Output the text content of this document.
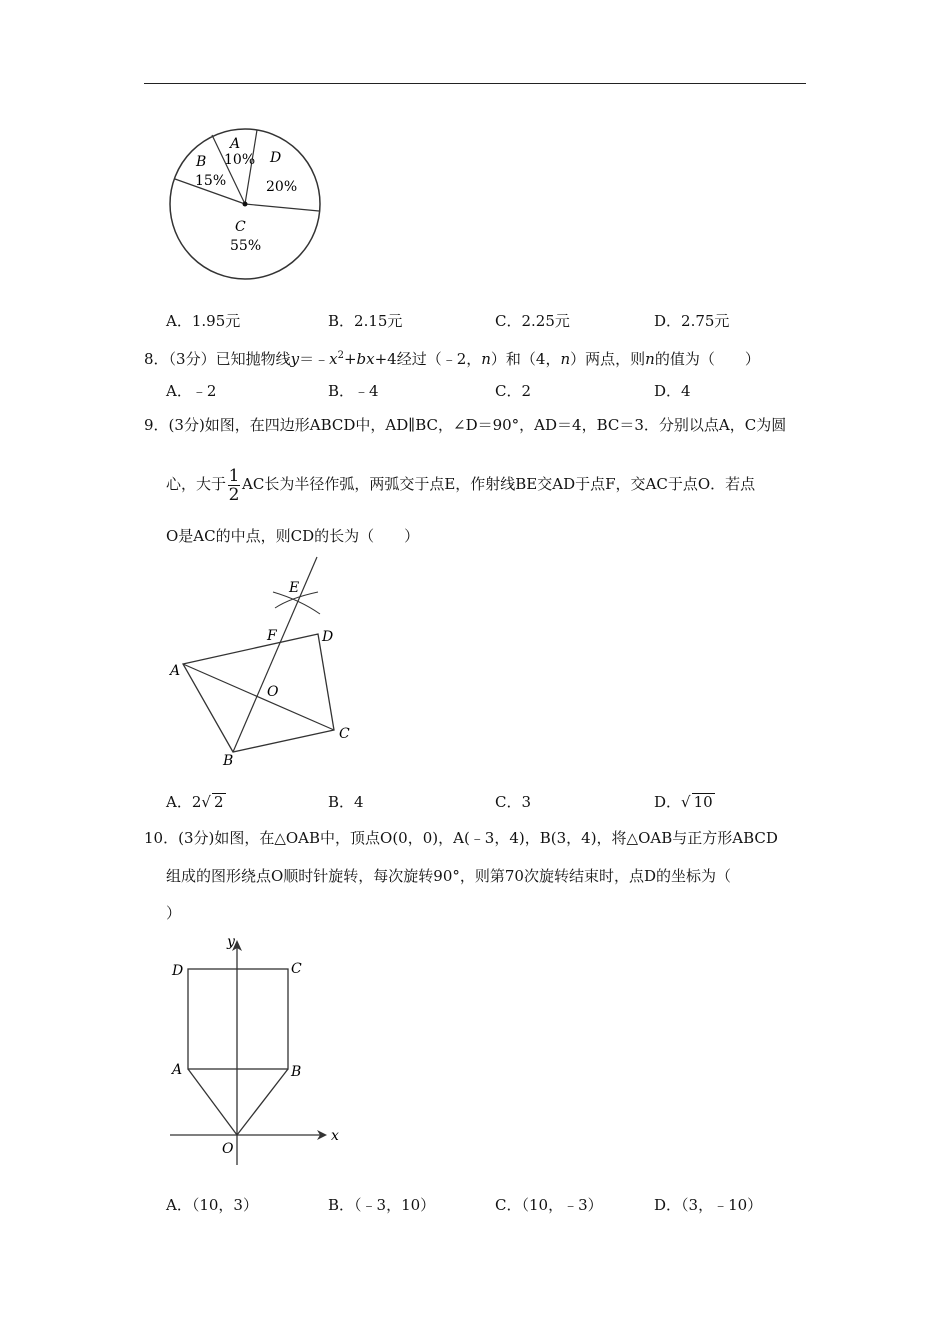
A
10%
B
15%
D
20%
C
55%
A．1.95元	B．2.15元	C．2.25元	D．2.75元
8．（3分）已知抛物线$y=﹣x^2+bx+4$经过（﹣2，n）和（4，n）两点，则n的值为（　　）
A．﹣2	B．﹣4	C．2	D．4
9．(3分)如图，在四边形ABCD中，AD∥BC，∠D＝90°，AD＝4，BC＝3．分别以点A，C为圆
心，大于 $\frac{1}{2}$ AC长为半径作弧，两弧交于点E，作射线BE交AD于点F，交AC于点O．若点
O是AC的中点，则CD的长为（　　）
E
F	D
A
O
C
B
A．2√ 2	B．4	C．3	D．√ 10
10．(3分)如图，在△OAB中，顶点O(0，0)，A(﹣3，4)，B(3，4)，将△OAB与正方形ABCD
组成的图形绕点O顺时针旋转，每次旋转90°，则第70次旋转结束时，点D的坐标为（
）
y
x
D	C
A	B
O
A．（10，3）	B．（﹣3，10）	C．（10，﹣3）	D．（3，﹣10）
